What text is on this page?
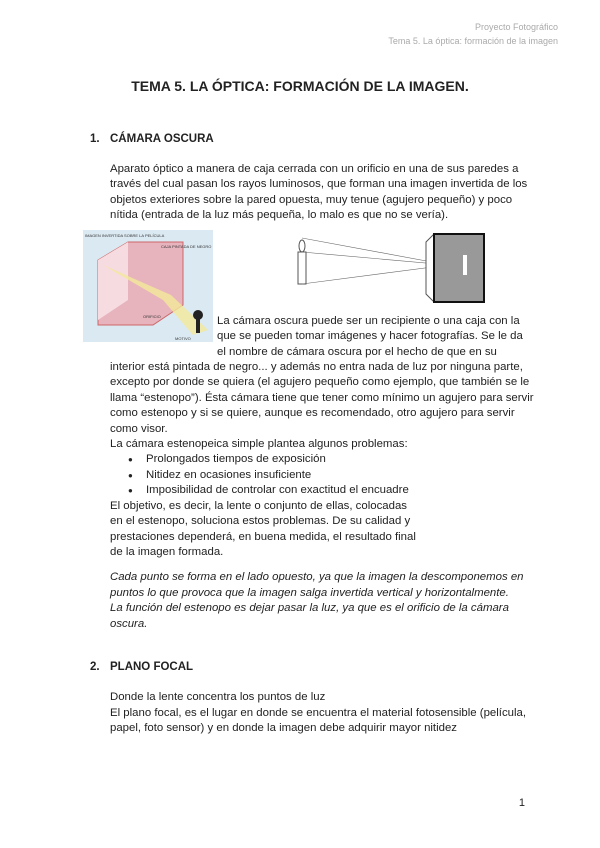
Proyecto Fotográfico
Tema 5. La óptica: formación de la imagen
TEMA 5. LA ÓPTICA: FORMACIÓN DE LA IMAGEN.
1. CÁMARA OSCURA
Aparato óptico a manera de caja cerrada con un orificio en una de sus paredes a
través del cual pasan los rayos luminosos, que forman una imagen invertida de los
objetos exteriores sobre la pared opuesta, muy tenue (agujero pequeño) y poco
nítida (entrada de la luz más pequeña, lo malo es que no se vería).
IMAGEN INVERTIDA SOBRE LA PELÍCULA
CAJA PINTADA DE NEGRO
ORIFICIO
MOTIVO
La cámara oscura puede ser un recipiente o una caja con la
que se pueden tomar imágenes y hacer fotografías. Se le da
el nombre de cámara oscura por el hecho de que en su
interior está pintada de negro... y además no entra nada de luz por ninguna parte,
excepto por donde se quiera (el agujero pequeño como ejemplo, que también se le
llama “estenopo”). Ésta cámara tiene que tener como mínimo un agujero para servir
como estenopo y si se quiere, aunque es recomendado, otro agujero para servir
como visor.
La cámara estenopeica simple plantea algunos problemas:
● Prolongados tiempos de exposición
● Nitidez en ocasiones insuficiente
● Imposibilidad de controlar con exactitud el encuadre
El objetivo, es decir, la lente o conjunto de ellas, colocadas
en el estenopo, soluciona estos problemas. De su calidad y
prestaciones dependerá, en buena medida, el resultado final
de la imagen formada.
Cada punto se forma en el lado opuesto, ya que la imagen la descomponemos en
puntos lo que provoca que la imagen salga invertida vertical y horizontalmente.
La función del estenopo es dejar pasar la luz, ya que es el orificio de la cámara
oscura.
2. PLANO FOCAL
Donde la lente concentra los puntos de luz
El plano focal, es el lugar en donde se encuentra el material fotosensible (película,
papel, foto sensor) y en donde la imagen debe adquirir mayor nitidez
1
